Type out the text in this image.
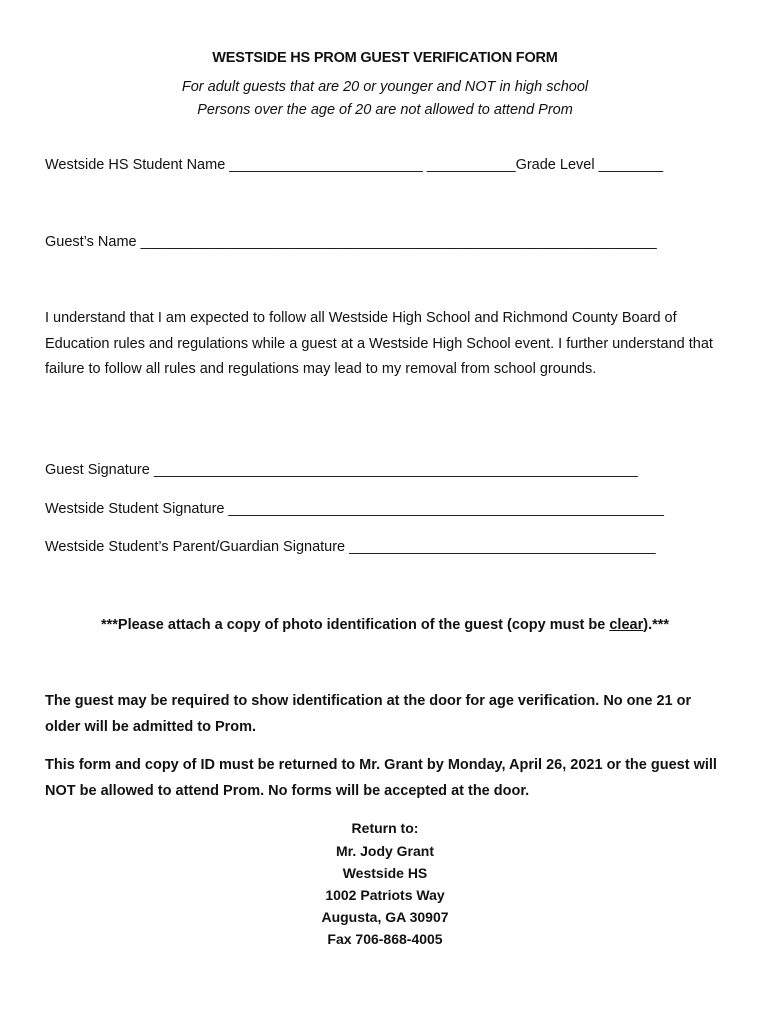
WESTSIDE HS PROM GUEST VERIFICATION FORM
For adult guests that are 20 or younger and NOT in high school
Persons over the age of 20 are not allowed to attend Prom
Westside HS Student Name ________________________ ___________Grade Level ________
Guest’s Name ________________________________________________________________
I understand that I am expected to follow all Westside High School and Richmond County Board of Education rules and regulations while a guest at a Westside High School event. I further understand that failure to follow all rules and regulations may lead to my removal from school grounds.
Guest Signature ____________________________________________________________
Westside Student Signature ______________________________________________________
Westside Student’s Parent/Guardian Signature ______________________________________
***Please attach a copy of photo identification of the guest (copy must be clear).***
The guest may be required to show identification at the door for age verification. No one 21 or older will be admitted to Prom.
This form and copy of ID must be returned to Mr. Grant by Monday, April 26, 2021 or the guest will NOT be allowed to attend Prom. No forms will be accepted at the door.
Return to:
Mr. Jody Grant
Westside HS
1002 Patriots Way
Augusta, GA 30907
Fax 706-868-4005
